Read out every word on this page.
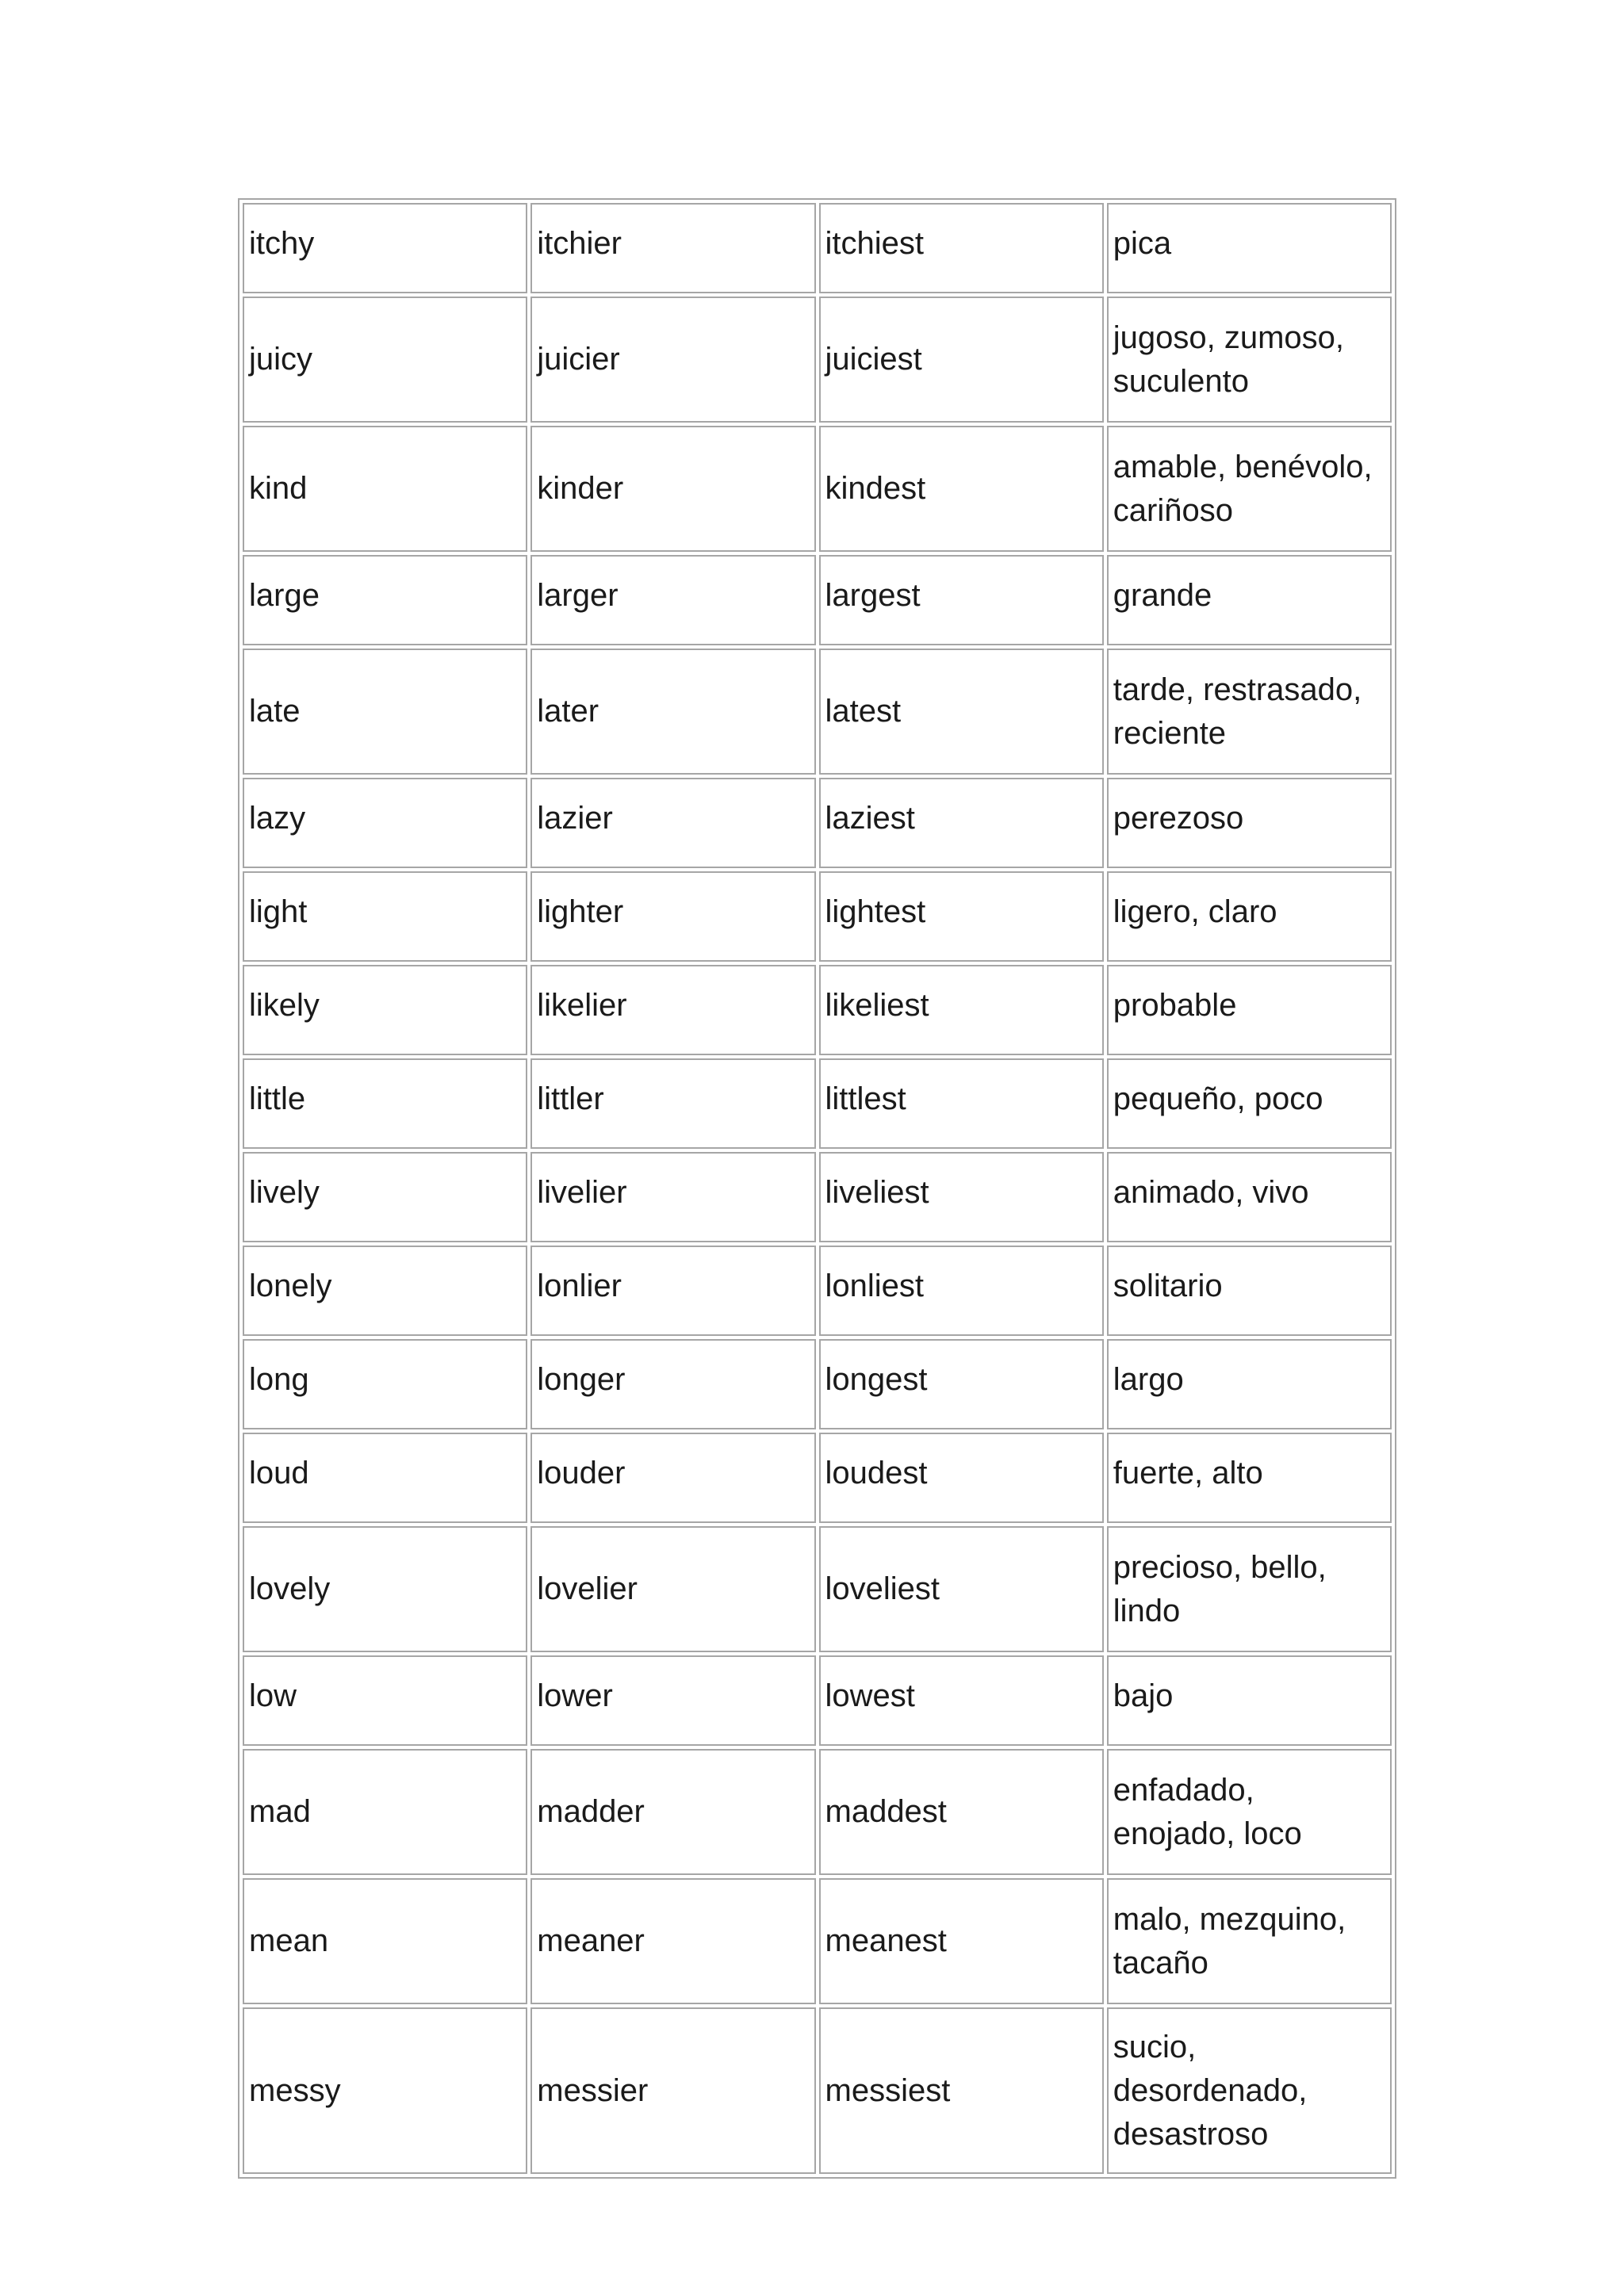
itchy	itchier	itchiest	pica
juicy	juicier	juiciest	jugoso, zumoso,
suculento
kind	kinder	kindest	amable, benévolo,
cariñoso
large	larger	largest	grande
late	later	latest	tarde, restrasado,
reciente
lazy	lazier	laziest	perezoso
light	lighter	lightest	ligero, claro
likely	likelier	likeliest	probable
little	littler	littlest	pequeño, poco
lively	livelier	liveliest	animado, vivo
lonely	lonlier	lonliest	solitario
long	longer	longest	largo
loud	louder	loudest	fuerte, alto
lovely	lovelier	loveliest	precioso, bello,
lindo
low	lower	lowest	bajo
mad	madder	maddest	enfadado,
enojado, loco
mean	meaner	meanest	malo, mezquino,
tacaño
messy	messier	messiest	sucio,
desordenado,
desastroso
